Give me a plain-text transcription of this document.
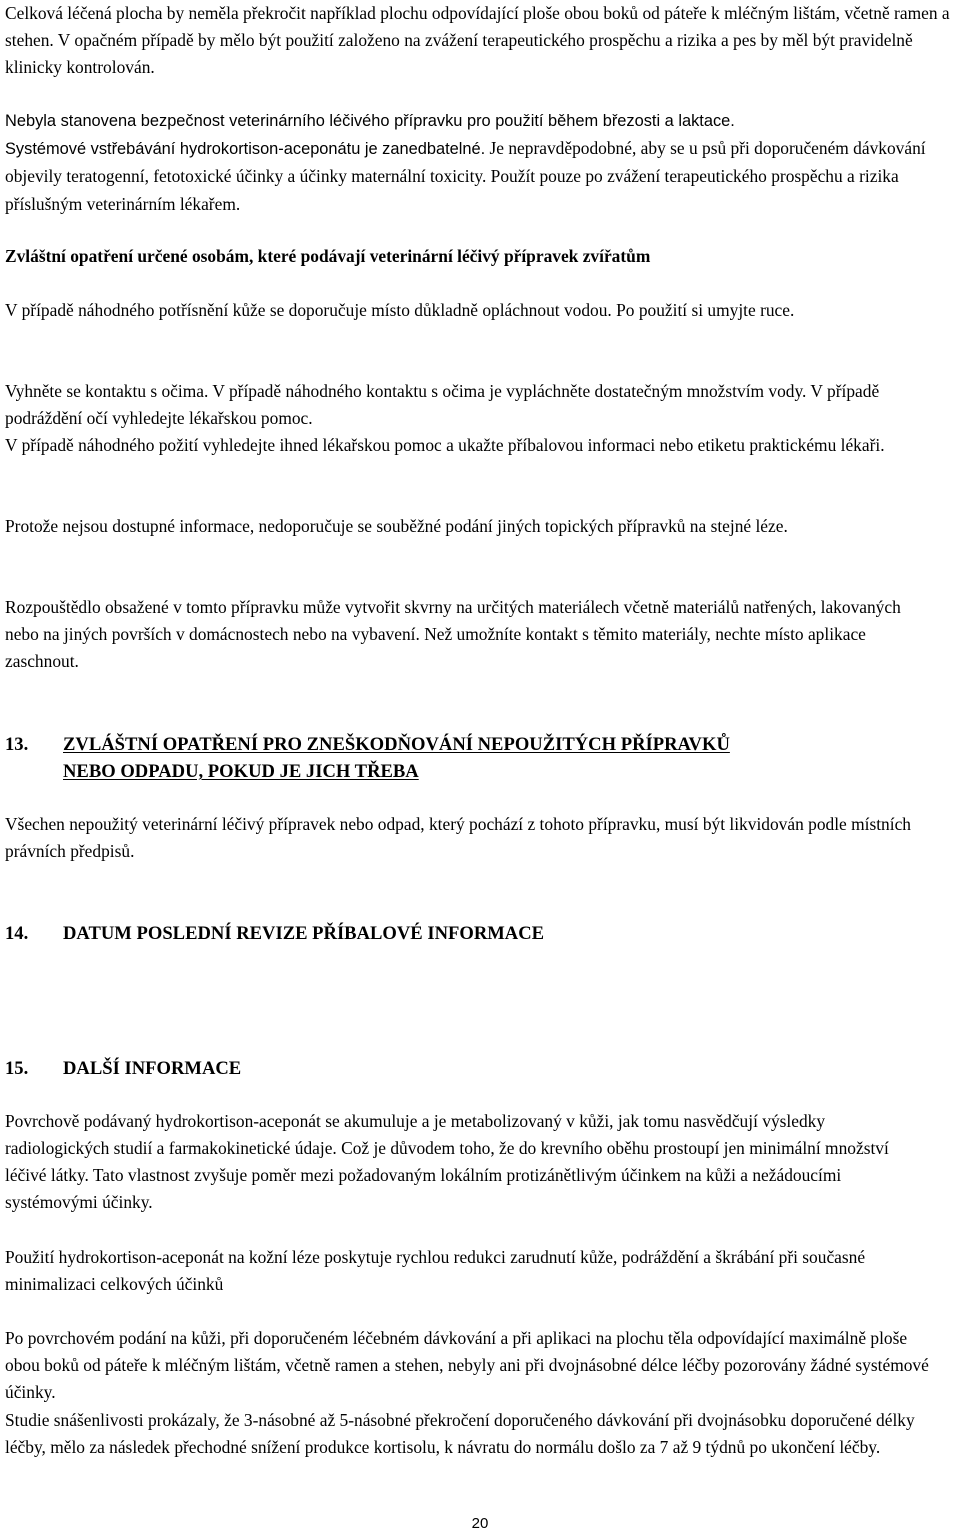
Celková léčená plocha by neměla překročit například plochu odpovídající ploše obou boků od páteře k mléčným lištám, včetně ramen a stehen. V opačném případě by mělo být použití založeno na zvážení terapeutického prospěchu a rizika a pes by měl být pravidelně klinicky kontrolován.

Nebyla stanovena bezpečnost veterinárního léčivého přípravku pro použití během březosti a laktace.

Systémové vstřebávání hydrokortison-aceponátu je zanedbatelné. Je nepravděpodobné, aby se u psů při doporučeném dávkování objevily teratogenní, fetotoxické účinky a účinky maternální toxicity. Použít pouze po zvážení terapeutického prospěchu a rizika příslušným veterinárním lékařem.

Zvláštní opatření určené osobám, které podávají veterinární léčivý přípravek zvířatům

V případě náhodného potřísnění kůže se doporučuje místo důkladně opláchnout vodou. Po použití si umyjte ruce.

Vyhněte se kontaktu s očima. V případě náhodného kontaktu s očima je vypláchněte dostatečným množstvím vody. V případě podráždění očí vyhledejte lékařskou pomoc.

V případě náhodného požití vyhledejte ihned lékařskou pomoc a ukažte příbalovou informaci nebo etiketu praktickému lékaři.

Protože nejsou dostupné informace, nedoporučuje se souběžné podání jiných topických přípravků na stejné léze.

Rozpouštědlo obsažené v tomto přípravku může vytvořit skvrny na určitých materiálech včetně materiálů natřených, lakovaných nebo na jiných površích v domácnostech nebo na vybavení. Než umožníte kontakt s těmito materiály, nechte místo aplikace zaschnout.

13.	ZVLÁŠTNÍ OPATŘENÍ PRO ZNEŠKODŇOVÁNÍ NEPOUŽITÝCH PŘÍPRAVKŮ
NEBO ODPADU, POKUD JE JICH TŘEBA

Všechen nepoužitý veterinární léčivý přípravek nebo odpad, který pochází z tohoto přípravku, musí být likvidován podle místních právních předpisů.

14.	DATUM POSLEDNÍ REVIZE PŘÍBALOVÉ INFORMACE
15.	DALŠÍ INFORMACE

Povrchově podávaný hydrokortison-aceponát se akumuluje a je metabolizovaný v kůži, jak tomu nasvědčují výsledky radiologických studií a farmakokinetické údaje. Což je důvodem toho, že do krevního oběhu prostoupí jen minimální množství léčivé látky. Tato vlastnost zvyšuje poměr mezi požadovaným lokálním protizánětlivým účinkem na kůži a nežádoucími systémovými účinky.

Použití hydrokortison-aceponát na kožní léze poskytuje rychlou redukci zarudnutí kůže, podráždění a škrábání při současné minimalizaci celkových účinků

Po povrchovém podání na kůži, při doporučeném léčebném dávkování a při aplikaci na plochu těla odpovídající maximálně ploše obou boků od páteře k mléčným lištám, včetně ramen a stehen, nebyly ani při dvojnásobné délce léčby pozorovány žádné systémové účinky.

Studie snášenlivosti prokázaly, že 3-násobné až 5-násobné překročení doporučeného dávkování při dvojnásobku doporučené délky léčby, mělo za následek přechodné snížení produkce kortisolu, k návratu do normálu došlo za 7 až 9 týdnů po ukončení léčby.

20
